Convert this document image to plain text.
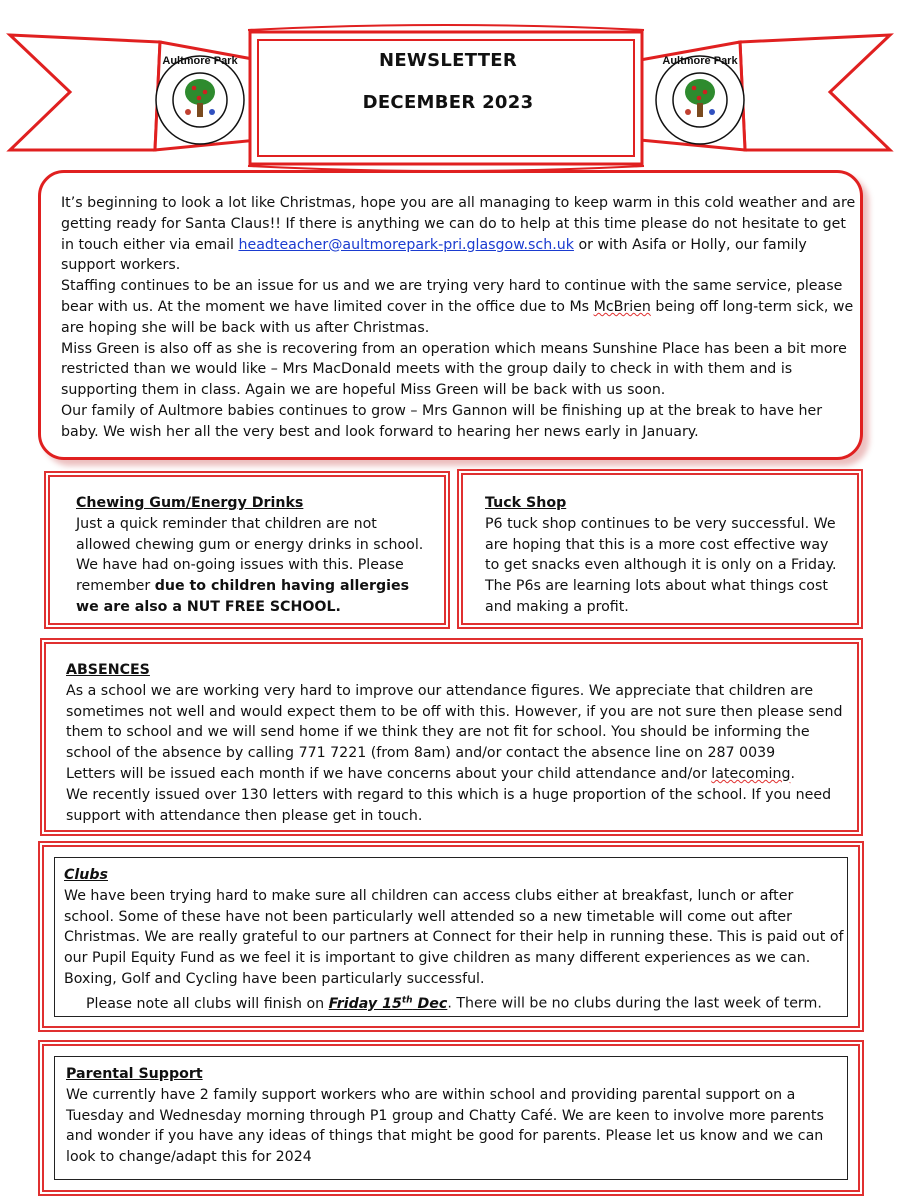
NEWSLETTER
DECEMBER 2023
Aultmore Park	Aultmore Park
It’s beginning to look a lot like Christmas, hope you are all managing to keep warm in this cold weather and are getting ready for Santa Claus!! If there is anything we can do to help at this time please do not hesitate to get in touch either via email headteacher@aultmorepark-pri.glasgow.sch.uk or with Asifa or Holly, our family support workers.
Staffing continues to be an issue for us and we are trying very hard to continue with the same service, please bear with us. At the moment we have limited cover in the office due to Ms McBrien being off long-term sick, we are hoping she will be back with us after Christmas.
Miss Green is also off as she is recovering from an operation which means Sunshine Place has been a bit more restricted than we would like – Mrs MacDonald meets with the group daily to check in with them and is supporting them in class. Again we are hopeful Miss Green will be back with us soon.
Our family of Aultmore babies continues to grow – Mrs Gannon will be finishing up at the break to have her baby. We wish her all the very best and look forward to hearing her news early in January.
Chewing Gum/Energy Drinks
Just a quick reminder that children are not allowed chewing gum or energy drinks in school. We have had on-going issues with this. Please remember due to children having allergies we are also a NUT FREE SCHOOL.
Tuck Shop
P6 tuck shop continues to be very successful. We are hoping that this is a more cost effective way to get snacks even although it is only on a Friday. The P6s are learning lots about what things cost and making a profit.
ABSENCES
As a school we are working very hard to improve our attendance figures. We appreciate that children are sometimes not well and would expect them to be off with this. However, if you are not sure then please send them to school and we will send home if we think they are not fit for school. You should be informing the school of the absence by calling 771 7221 (from 8am) and/or contact the absence line on 287 0039
Letters will be issued each month if we have concerns about your child attendance and/or latecoming.
We recently issued over 130 letters with regard to this which is a huge proportion of the school. If you need support with attendance then please get in touch.
Clubs
We have been trying hard to make sure all children can access clubs either at breakfast, lunch or after school. Some of these have not been particularly well attended so a new timetable will come out after Christmas. We are really grateful to our partners at Connect for their help in running these. This is paid out of our Pupil Equity Fund as we feel it is important to give children as many different experiences as we can. Boxing, Golf and Cycling have been particularly successful.
Please note all clubs will finish on Friday 15th Dec. There will be no clubs during the last week of term.
Parental Support
We currently have 2 family support workers who are within school and providing parental support on a Tuesday and Wednesday morning through P1 group and Chatty Café. We are keen to involve more parents and wonder if you have any ideas of things that might be good for parents. Please let us know and we can look to change/adapt this for 2024
